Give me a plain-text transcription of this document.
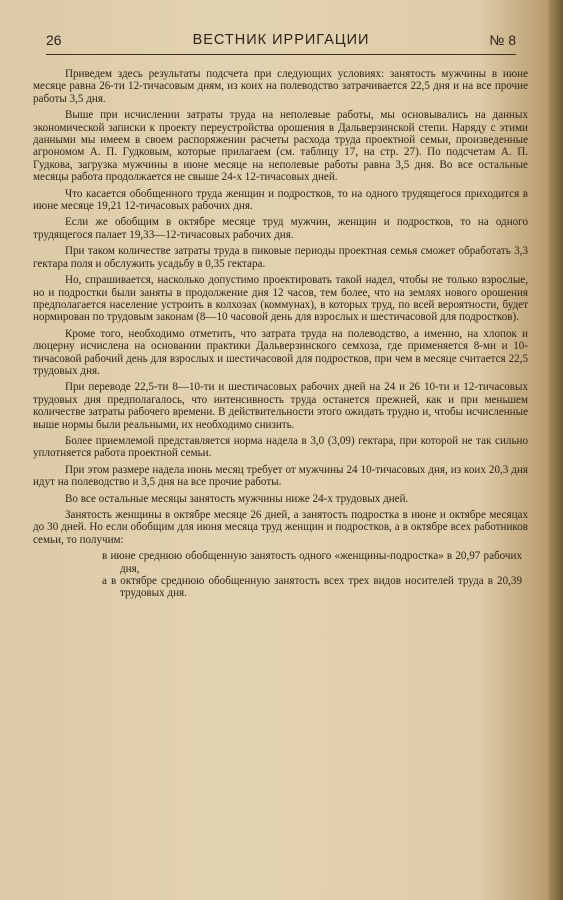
26	ВЕСТНИК ИРРИГАЦИИ	№ 8

Приведем здесь результаты подсчета при следующих условиях: занятость мужчины в июне месяце равна 26-ти 12-тичасовым дням, из коих на полеводство затрачивается 22,5 дня и на все прочие работы 3,5 дня.

Выше при исчислении затраты труда на неполевые работы, мы основывались на данных экономической записки к проекту переустройства орошения в Дальверзинской степи. Наряду с этими данными мы имеем в своем распоряжении расчеты расхода труда проектной семьи, произведенные агрономом А. П. Гудковым, которые прилагаем (см. таблицу 17, на стр. 27). По подсчетам А. П. Гудкова, загрузка мужчины в июне месяце на неполевые работы равна 3,5 дня. Во все остальные месяцы работа продолжается не свыше 24-х 12-тичасовых дней.

Что касается обобщенного труда женщин и подростков, то на одного трудящегося приходится в июне месяце 19,21 12-тичасовых рабочих дня.

Если же обобщим в октябре месяце труд мужчин, женщин и подростков, то на одного трудящегося палает 19,33—12-тичасовых рабочих дня.

При таком количестве затраты труда в пиковые периоды проектная семья сможет обработать 3,3 гектара поля и обслужить усадьбу в 0,35 гектара.

Но, спрашивается, насколько допустимо проектировать такой надел, чтобы не только взрослые, но и подростки были заняты в продолжение дня 12 часов, тем более, что на землях нового орошения предполагается население устроить в колхозах (коммунах), в которых труд, по всей вероятности, будет нормирован по трудовым законам (8—10 часовой день для взрослых и шестичасовой для подростков).

Кроме того, необходимо отметить, что затрата труда на полеводство, а именно, на хлопок и люцерну исчислена на основании практики Дальверзинского семхоза, где применяется 8-ми и 10-тичасовой рабочий день для взрослых и шестичасовой для подростков, при чем в месяце считается 22,5 трудовых дня.

При переводе 22,5-ти 8—10-ти и шестичасовых рабочих дней на 24 и 26 10-ти и 12-тичасовых трудовых дня предполагалось, что интенсивность труда останется прежней, как и при меньшем количестве затраты рабочего времени. В действительности этого ожидать трудно и, чтобы исчисленные выше нормы были реальными, их необходимо снизить.

Более приемлемой представляется норма надела в 3,0 (3,09) гектара, при которой не так сильно уплотняется работа проектной семьи.

При этом размере надела июнь месяц требует от мужчины 24 10-тичасовых дня, из коих 20,3 дня идут на полеводство и 3,5 дня на все прочие работы.

Во все остальные месяцы занятость мужчины ниже 24-х трудовых дней.

Занятость женщины в октябре месяце 26 дней, а занятость подростка в июне и октябре месяцах до 30 дней. Но если обобщим для июня месяца труд женщин и подростков, а в октябре всех работников семьи, то получим:

в июне среднюю обобщенную занятость одного «женщины-подростка» в 20,97 рабочих дня,

а в октябре среднюю обобщенную занятость всех трех видов носителей труда в 20,39 трудовых дня.
